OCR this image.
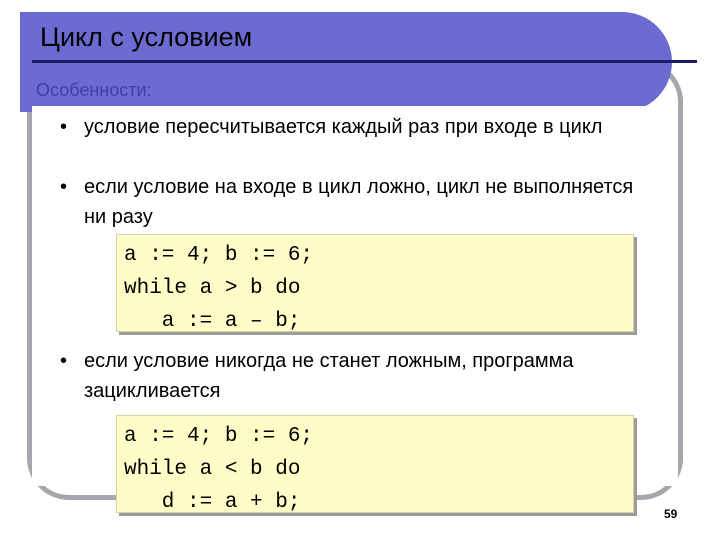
Цикл с условием
Особенности:
• условие пересчитывается каждый раз при входе в цикл
• если условие на входе в цикл ложно, цикл не выполняется ни разу
a := 4; b := 6;
while a > b do
a := a – b;
• если условие никогда не станет ложным, программа зацикливается
a := 4; b := 6;
while a < b do
d := a + b;	59
